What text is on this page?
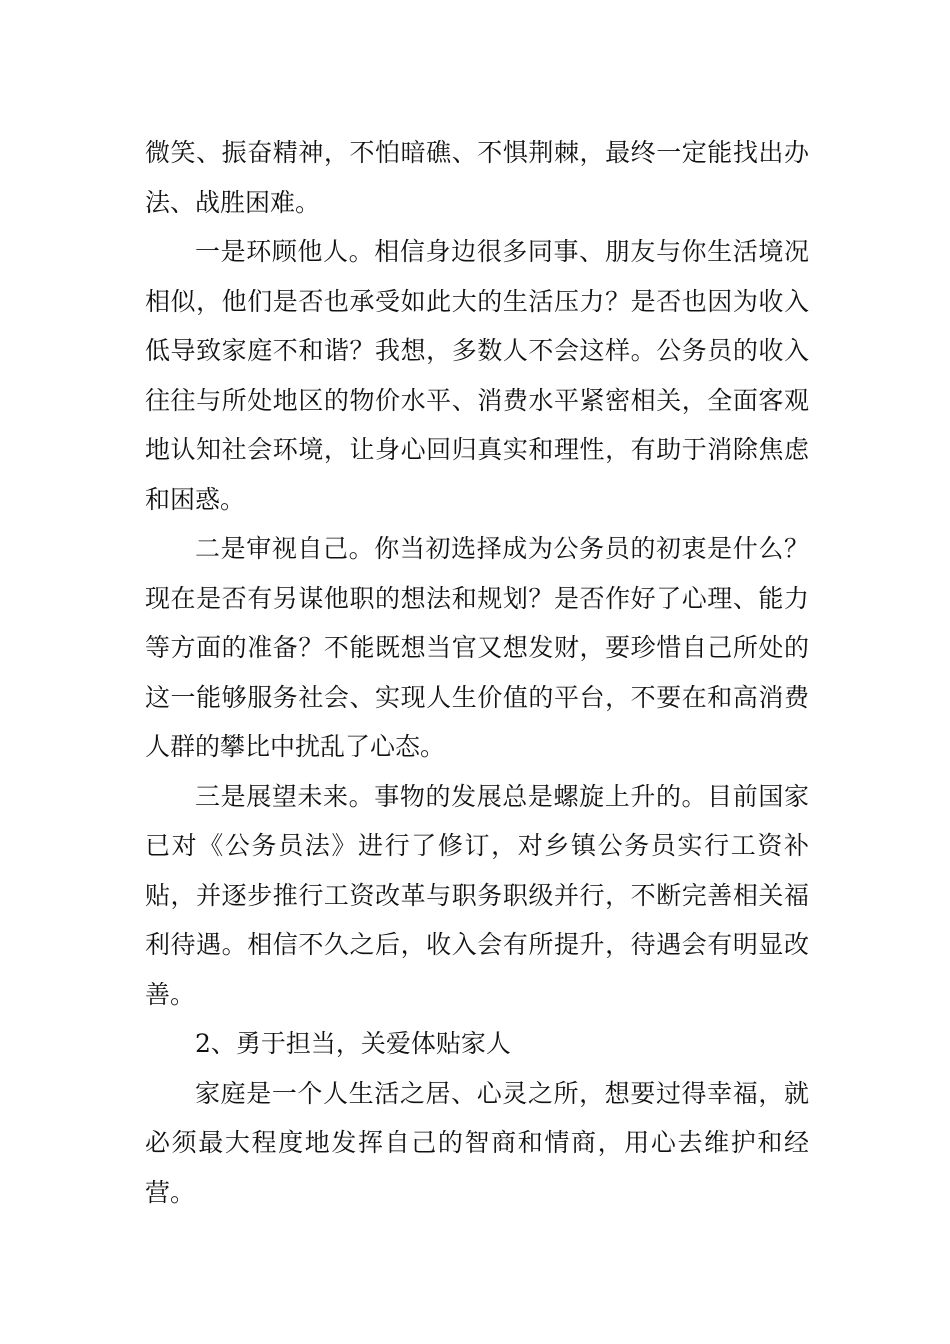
微笑、振奋精神，不怕暗礁、不惧荆棘，最终一定能找出办法、战胜困难。

一是环顾他人。相信身边很多同事、朋友与你生活境况相似，他们是否也承受如此大的生活压力？是否也因为收入低导致家庭不和谐？我想，多数人不会这样。公务员的收入往往与所处地区的物价水平、消费水平紧密相关，全面客观地认知社会环境，让身心回归真实和理性，有助于消除焦虑和困惑。

二是审视自己。你当初选择成为公务员的初衷是什么？现在是否有另谋他职的想法和规划？是否作好了心理、能力等方面的准备？不能既想当官又想发财，要珍惜自己所处的这一能够服务社会、实现人生价值的平台，不要在和高消费人群的攀比中扰乱了心态。

三是展望未来。事物的发展总是螺旋上升的。目前国家已对《公务员法》进行了修订，对乡镇公务员实行工资补贴，并逐步推行工资改革与职务职级并行，不断完善相关福利待遇。相信不久之后，收入会有所提升，待遇会有明显改善。

2、勇于担当，关爱体贴家人

家庭是一个人生活之居、心灵之所，想要过得幸福，就必须最大程度地发挥自己的智商和情商，用心去维护和经营。
